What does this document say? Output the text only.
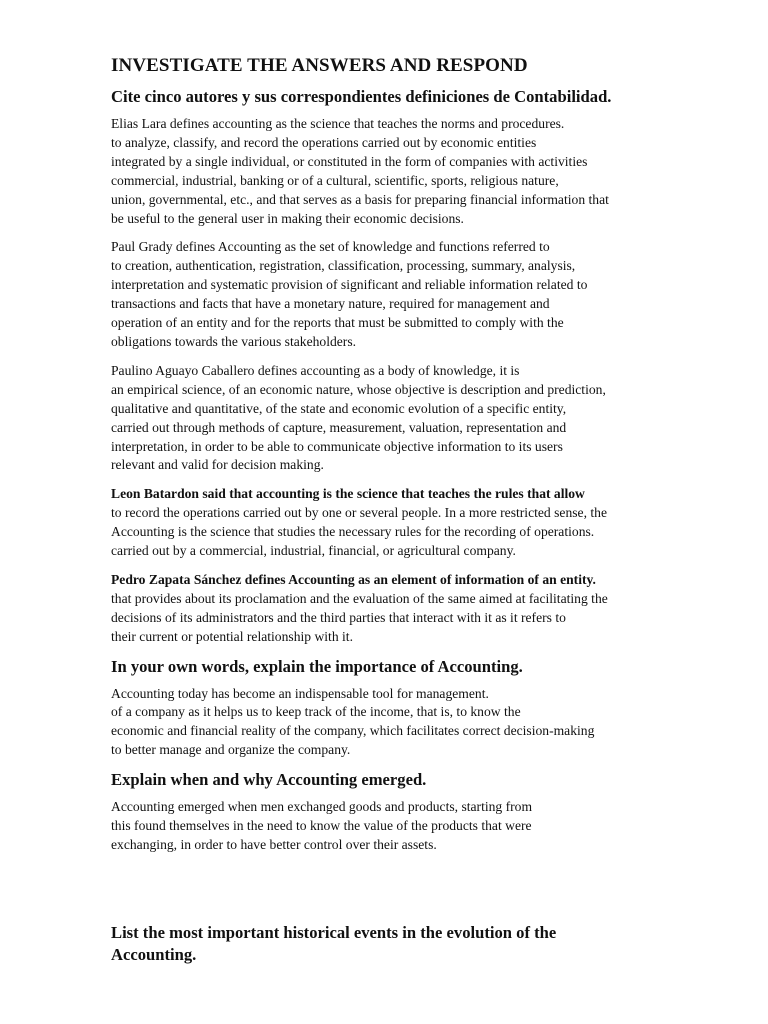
INVESTIGATE THE ANSWERS AND RESPOND
Cite cinco autores y sus correspondientes definiciones de Contabilidad.
Elias Lara defines accounting as the science that teaches the norms and procedures.
to analyze, classify, and record the operations carried out by economic entities
integrated by a single individual, or constituted in the form of companies with activities
commercial, industrial, banking or of a cultural, scientific, sports, religious nature,
union, governmental, etc., and that serves as a basis for preparing financial information that
be useful to the general user in making their economic decisions.
Paul Grady defines Accounting as the set of knowledge and functions referred to
to creation, authentication, registration, classification, processing, summary, analysis,
interpretation and systematic provision of significant and reliable information related to
transactions and facts that have a monetary nature, required for management and
operation of an entity and for the reports that must be submitted to comply with the
obligations towards the various stakeholders.
Paulino Aguayo Caballero defines accounting as a body of knowledge, it is
an empirical science, of an economic nature, whose objective is description and prediction,
qualitative and quantitative, of the state and economic evolution of a specific entity,
carried out through methods of capture, measurement, valuation, representation and
interpretation, in order to be able to communicate objective information to its users
relevant and valid for decision making.
Leon Batardon said that accounting is the science that teaches the rules that allow
to record the operations carried out by one or several people. In a more restricted sense, the
Accounting is the science that studies the necessary rules for the recording of operations.
carried out by a commercial, industrial, financial, or agricultural company.
Pedro Zapata Sánchez defines Accounting as an element of information of an entity.
that provides about its proclamation and the evaluation of the same aimed at facilitating the
decisions of its administrators and the third parties that interact with it as it refers to
their current or potential relationship with it.
In your own words, explain the importance of Accounting.
Accounting today has become an indispensable tool for management.
of a company as it helps us to keep track of the income, that is, to know the
economic and financial reality of the company, which facilitates correct decision-making
to better manage and organize the company.
Explain when and why Accounting emerged.
Accounting emerged when men exchanged goods and products, starting from
this found themselves in the need to know the value of the products that were
exchanging, in order to have better control over their assets.
List the most important historical events in the evolution of the
Accounting.
